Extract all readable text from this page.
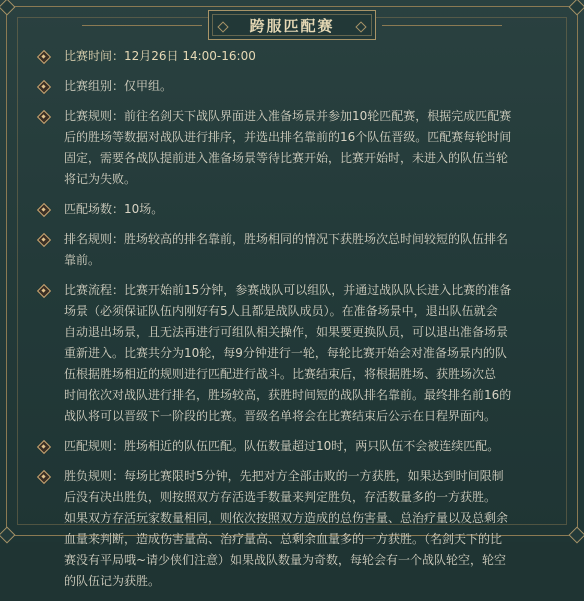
跨服匹配赛
比赛时间：12月26日 14:00-16:00
比赛组别：仅甲组。
比赛规则：前往名剑天下战队界面进入准备场景并参加10轮匹配赛，根据完成匹配赛
后的胜场等数据对战队进行排序，并选出排名靠前的16个队伍晋级。匹配赛每轮时间
固定，需要各战队提前进入准备场景等待比赛开始，比赛开始时，未进入的队伍当轮
将记为失败。
匹配场数：10场。
排名规则：胜场较高的排名靠前，胜场相同的情况下获胜场次总时间较短的队伍排名
靠前。
比赛流程：比赛开始前15分钟，参赛战队可以组队，并通过战队队长进入比赛的准备
场景（必须保证队伍内刚好有5人且都是战队成员）。在准备场景中，退出队伍就会
自动退出场景，且无法再进行可组队相关操作，如果要更换队员，可以退出准备场景
重新进入。比赛共分为10轮，每9分钟进行一轮，每轮比赛开始会对准备场景内的队
伍根据胜场相近的规则进行匹配进行战斗。比赛结束后，将根据胜场、获胜场次总
时间依次对战队进行排名，胜场较高，获胜时间短的战队排名靠前。最终排名前16的
战队将可以晋级下一阶段的比赛。晋级名单将会在比赛结束后公示在日程界面内。
匹配规则：胜场相近的队伍匹配。队伍数量超过10时，两只队伍不会被连续匹配。
胜负规则：每场比赛限时5分钟，先把对方全部击败的一方获胜，如果达到时间限制
后没有决出胜负，则按照双方存活选手数量来判定胜负，存活数量多的一方获胜。
如果双方存活玩家数量相同，则依次按照双方造成的总伤害量、总治疗量以及总剩余
血量来判断，造成伤害量高、治疗量高、总剩余血量多的一方获胜。（名剑天下的比
赛没有平局哦~请少侠们注意）如果战队数量为奇数，每轮会有一个战队轮空，轮空
的队伍记为获胜。
